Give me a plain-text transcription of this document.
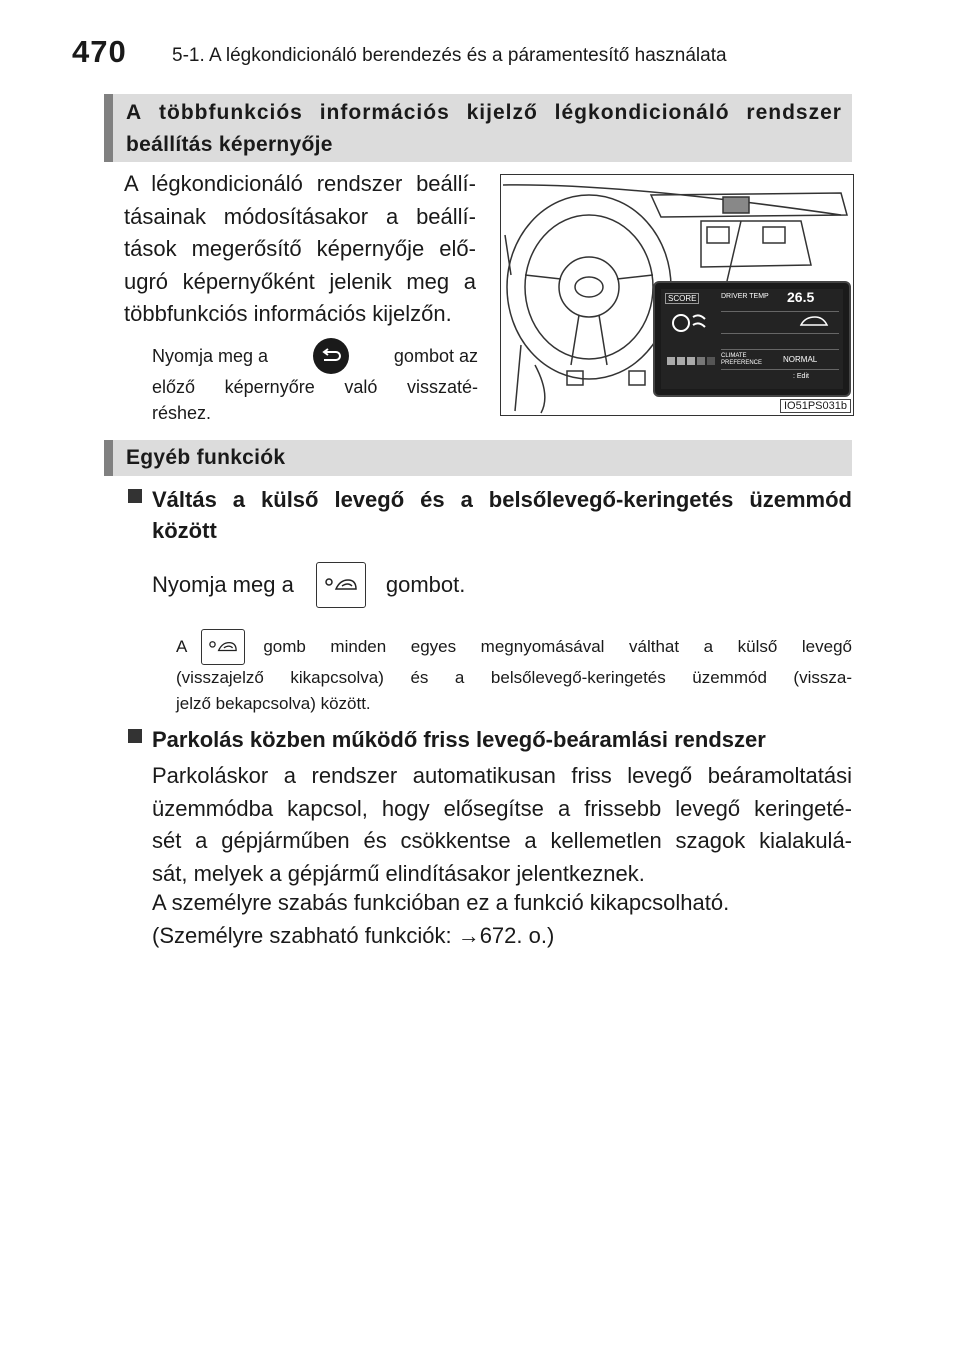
470 5-1. A légkondicionáló berendezés és a páramentesítő használata
A többfunkciós információs kijelző légkondicionáló rendszer
beállítás képernyője
A légkondicionáló rendszer beállí-
tásainak módosításakor a beállí-
tások megerősítő képernyője elő-
ugró képernyőként jelenik meg a
többfunkciós információs kijelzőn.
Nyomja meg a	gombot az
előző képernyőre való visszaté-
réshez.
SCORE	DRIVER TEMP 26.5
CLIMATE PREFERENCE	NORMAL
: Edit
IO51PS031b
Egyéb funkciók
Váltás a külső levegő és a belsőlevegő-keringetés üzemmód
között
Nyomja meg a	gombot.
A	gomb minden egyes megnyomásával válthat a külső levegő
(visszajelző kikapcsolva) és a belsőlevegő-keringetés üzemmód (vissza-
jelző bekapcsolva) között.
Parkolás közben működő friss levegő-beáramlási rendszer
Parkoláskor a rendszer automatikusan friss levegő beáramoltatási
üzemmódba kapcsol, hogy elősegítse a frissebb levegő keringeté-
sét a gépjárműben és csökkentse a kellemetlen szagok kialakulá-
sát, melyek a gépjármű elindításakor jelentkeznek.
A személyre szabás funkcióban ez a funkció kikapcsolható.
(Személyre szabható funkciók: →672. o.)
